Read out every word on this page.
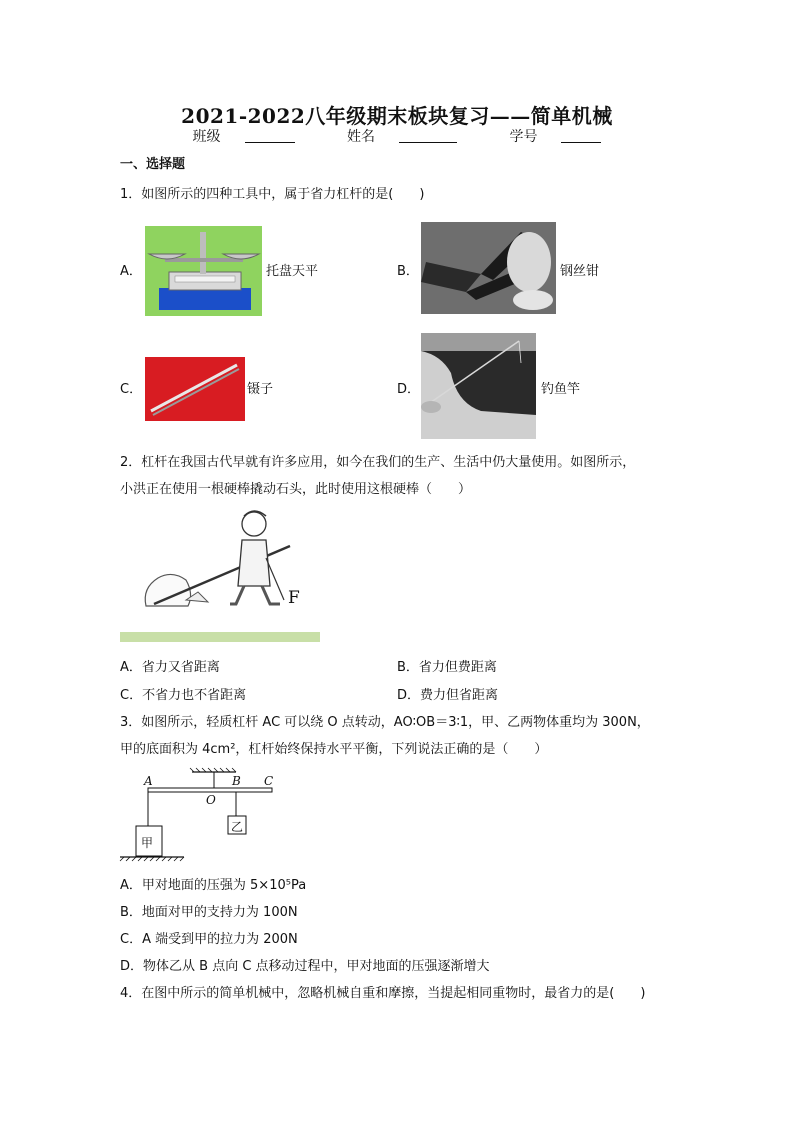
2021-2022八年级期末板块复习——简单机械
班级	姓名	学号
一、选择题
1．如图所示的四种工具中，属于省力杠杆的是(　　)
A．	托盘天平	B．	钢丝钳
C．	镊子	D．	钓鱼竿
2．杠杆在我国古代早就有许多应用，如今在我们的生产、生活中仍大量使用。如图所示，
小洪正在使用一根硬棒撬动石头，此时使用这根硬棒（　　）
F
A．省力又省距离	B．省力但费距离
C．不省力也不省距离	D．费力但省距离
3．如图所示，轻质杠杆 AC 可以绕 O 点转动，AO∶OB＝3∶1，甲、乙两物体重均为 300N，
甲的底面积为 4cm²，杠杆始终保持水平平衡，下列说法正确的是（　　）
A
O
B C
甲
乙
A．甲对地面的压强为 5×10⁵Pa
B．地面对甲的支持力为 100N
C．A 端受到甲的拉力为 200N
D．物体乙从 B 点向 C 点移动过程中，甲对地面的压强逐渐增大
4．在图中所示的简单机械中，忽略机械自重和摩擦，当提起相同重物时，最省力的是(　　)
